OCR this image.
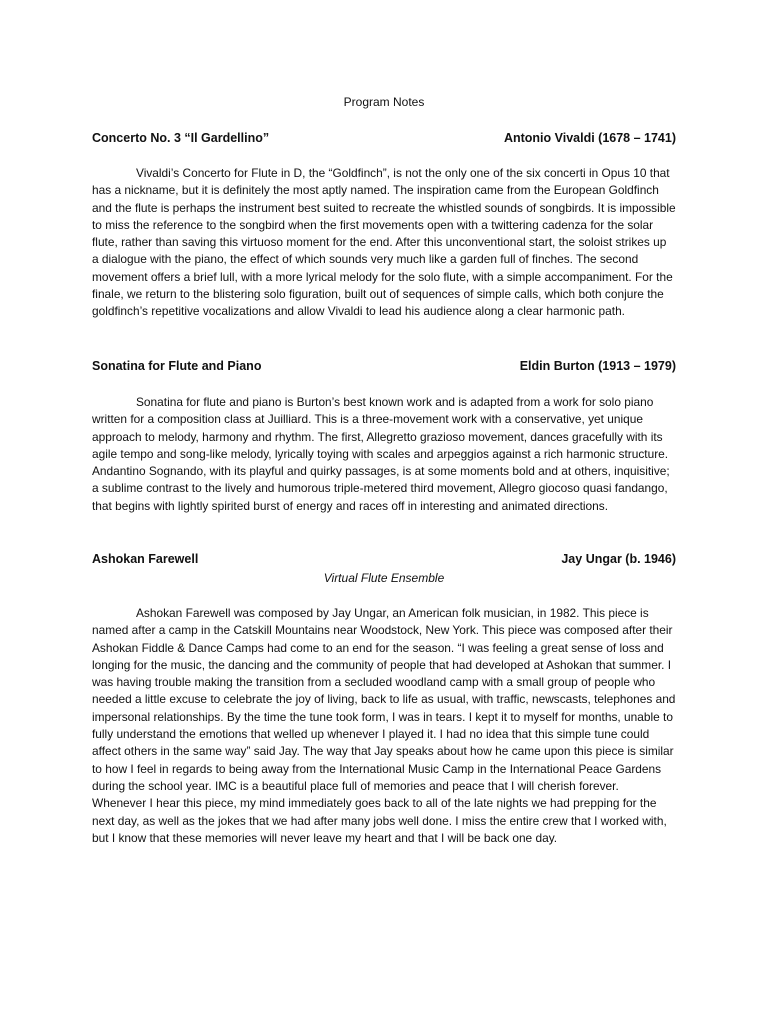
Program Notes
Concerto No. 3 “Il Gardellino”	Antonio Vivaldi (1678 – 1741)

Vivaldi’s Concerto for Flute in D, the “Goldfinch”, is not the only one of the six concerti in Opus 10 that has a nickname, but it is definitely the most aptly named. The inspiration came from the European Goldfinch and the flute is perhaps the instrument best suited to recreate the whistled sounds of songbirds. It is impossible to miss the reference to the songbird when the first movements open with a twittering cadenza for the solar flute, rather than saving this virtuoso moment for the end. After this unconventional start, the soloist strikes up a dialogue with the piano, the effect of which sounds very much like a garden full of finches. The second movement offers a brief lull, with a more lyrical melody for the solo flute, with a simple accompaniment. For the finale, we return to the blistering solo figuration, built out of sequences of simple calls, which both conjure the goldfinch’s repetitive vocalizations and allow Vivaldi to lead his audience along a clear harmonic path.

Sonatina for Flute and Piano	Eldin Burton (1913 – 1979)

Sonatina for flute and piano is Burton’s best known work and is adapted from a work for solo piano written for a composition class at Juilliard. This is a three-movement work with a conservative, yet unique approach to melody, harmony and rhythm. The first, Allegretto grazioso movement, dances gracefully with its agile tempo and song-like melody, lyrically toying with scales and arpeggios against a rich harmonic structure. Andantino Sognando, with its playful and quirky passages, is at some moments bold and at others, inquisitive; a sublime contrast to the lively and humorous triple-metered third movement, Allegro giocoso quasi fandango, that begins with lightly spirited burst of energy and races off in interesting and animated directions.

Ashokan Farewell	Jay Ungar (b. 1946)
Virtual Flute Ensemble

Ashokan Farewell was composed by Jay Ungar, an American folk musician, in 1982. This piece is named after a camp in the Catskill Mountains near Woodstock, New York. This piece was composed after their Ashokan Fiddle & Dance Camps had come to an end for the season. “I was feeling a great sense of loss and longing for the music, the dancing and the community of people that had developed at Ashokan that summer. I was having trouble making the transition from a secluded woodland camp with a small group of people who needed a little excuse to celebrate the joy of living, back to life as usual, with traffic, newscasts, telephones and impersonal relationships. By the time the tune took form, I was in tears. I kept it to myself for months, unable to fully understand the emotions that welled up whenever I played it. I had no idea that this simple tune could affect others in the same way” said Jay. The way that Jay speaks about how he came upon this piece is similar to how I feel in regards to being away from the International Music Camp in the International Peace Gardens during the school year. IMC is a beautiful place full of memories and peace that I will cherish forever. Whenever I hear this piece, my mind immediately goes back to all of the late nights we had prepping for the next day, as well as the jokes that we had after many jobs well done. I miss the entire crew that I worked with, but I know that these memories will never leave my heart and that I will be back one day.
